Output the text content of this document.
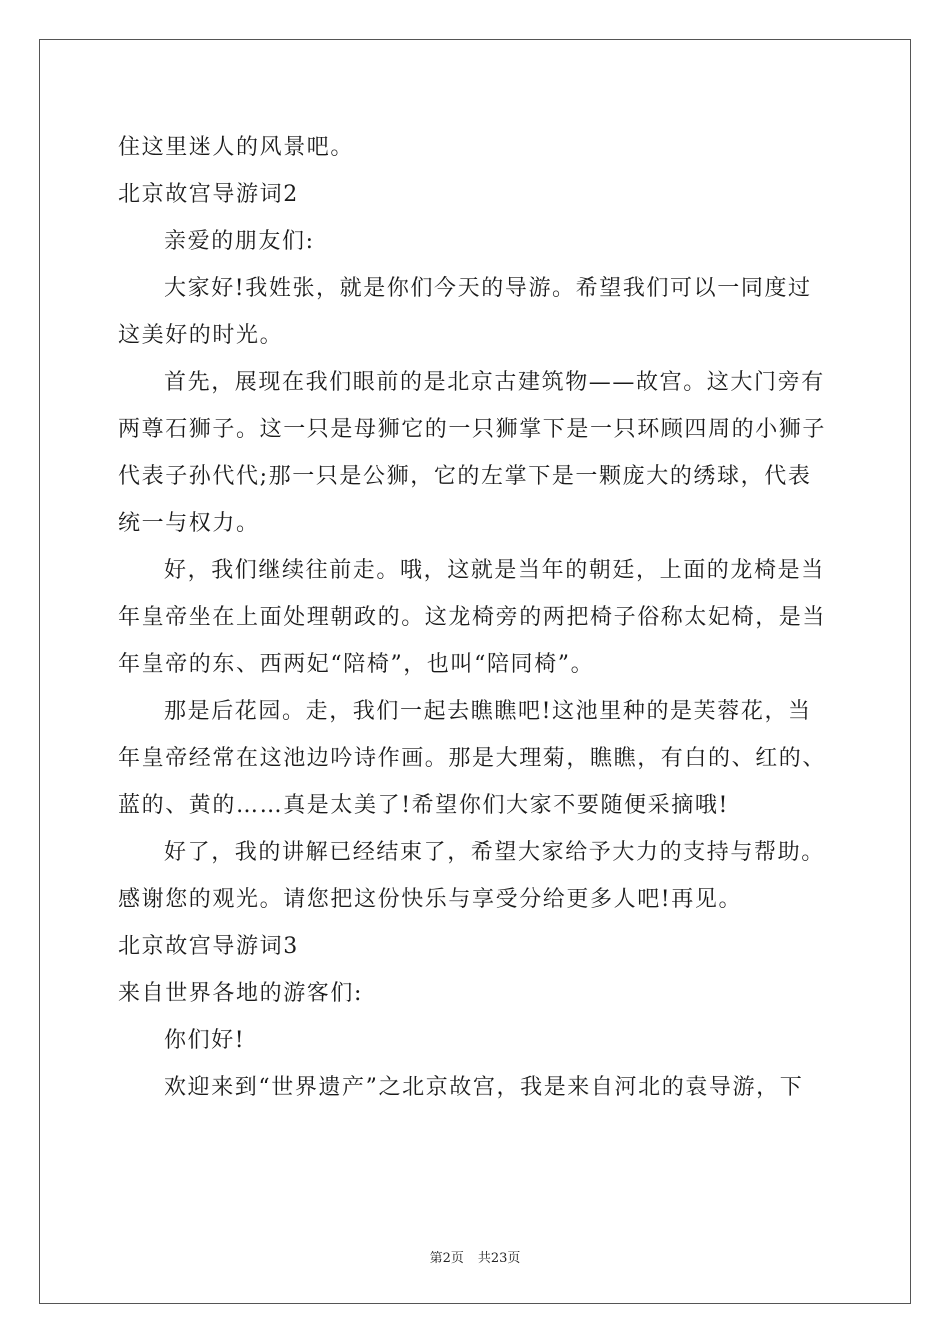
住这里迷人的风景吧。
北京故宫导游词2
亲爱的朋友们:
大家好!我姓张，就是你们今天的导游。希望我们可以一同度过
这美好的时光。
首先，展现在我们眼前的是北京古建筑物——故宫。这大门旁有
两尊石狮子。这一只是母狮它的一只狮掌下是一只环顾四周的小狮子
代表子孙代代;那一只是公狮，它的左掌下是一颗庞大的绣球，代表
统一与权力。
好，我们继续往前走。哦，这就是当年的朝廷，上面的龙椅是当
年皇帝坐在上面处理朝政的。这龙椅旁的两把椅子俗称太妃椅，是当
年皇帝的东、西两妃“陪椅”，也叫“陪同椅”。
那是后花园。走，我们一起去瞧瞧吧!这池里种的是芙蓉花，当
年皇帝经常在这池边吟诗作画。那是大理菊，瞧瞧，有白的、红的、
蓝的、黄的……真是太美了!希望你们大家不要随便采摘哦!
好了，我的讲解已经结束了，希望大家给予大力的支持与帮助。
感谢您的观光。请您把这份快乐与享受分给更多人吧!再见。
北京故宫导游词3
来自世界各地的游客们:
你们好!
欢迎来到“世界遗产”之北京故宫，我是来自河北的袁导游，下
第2页 共23页
